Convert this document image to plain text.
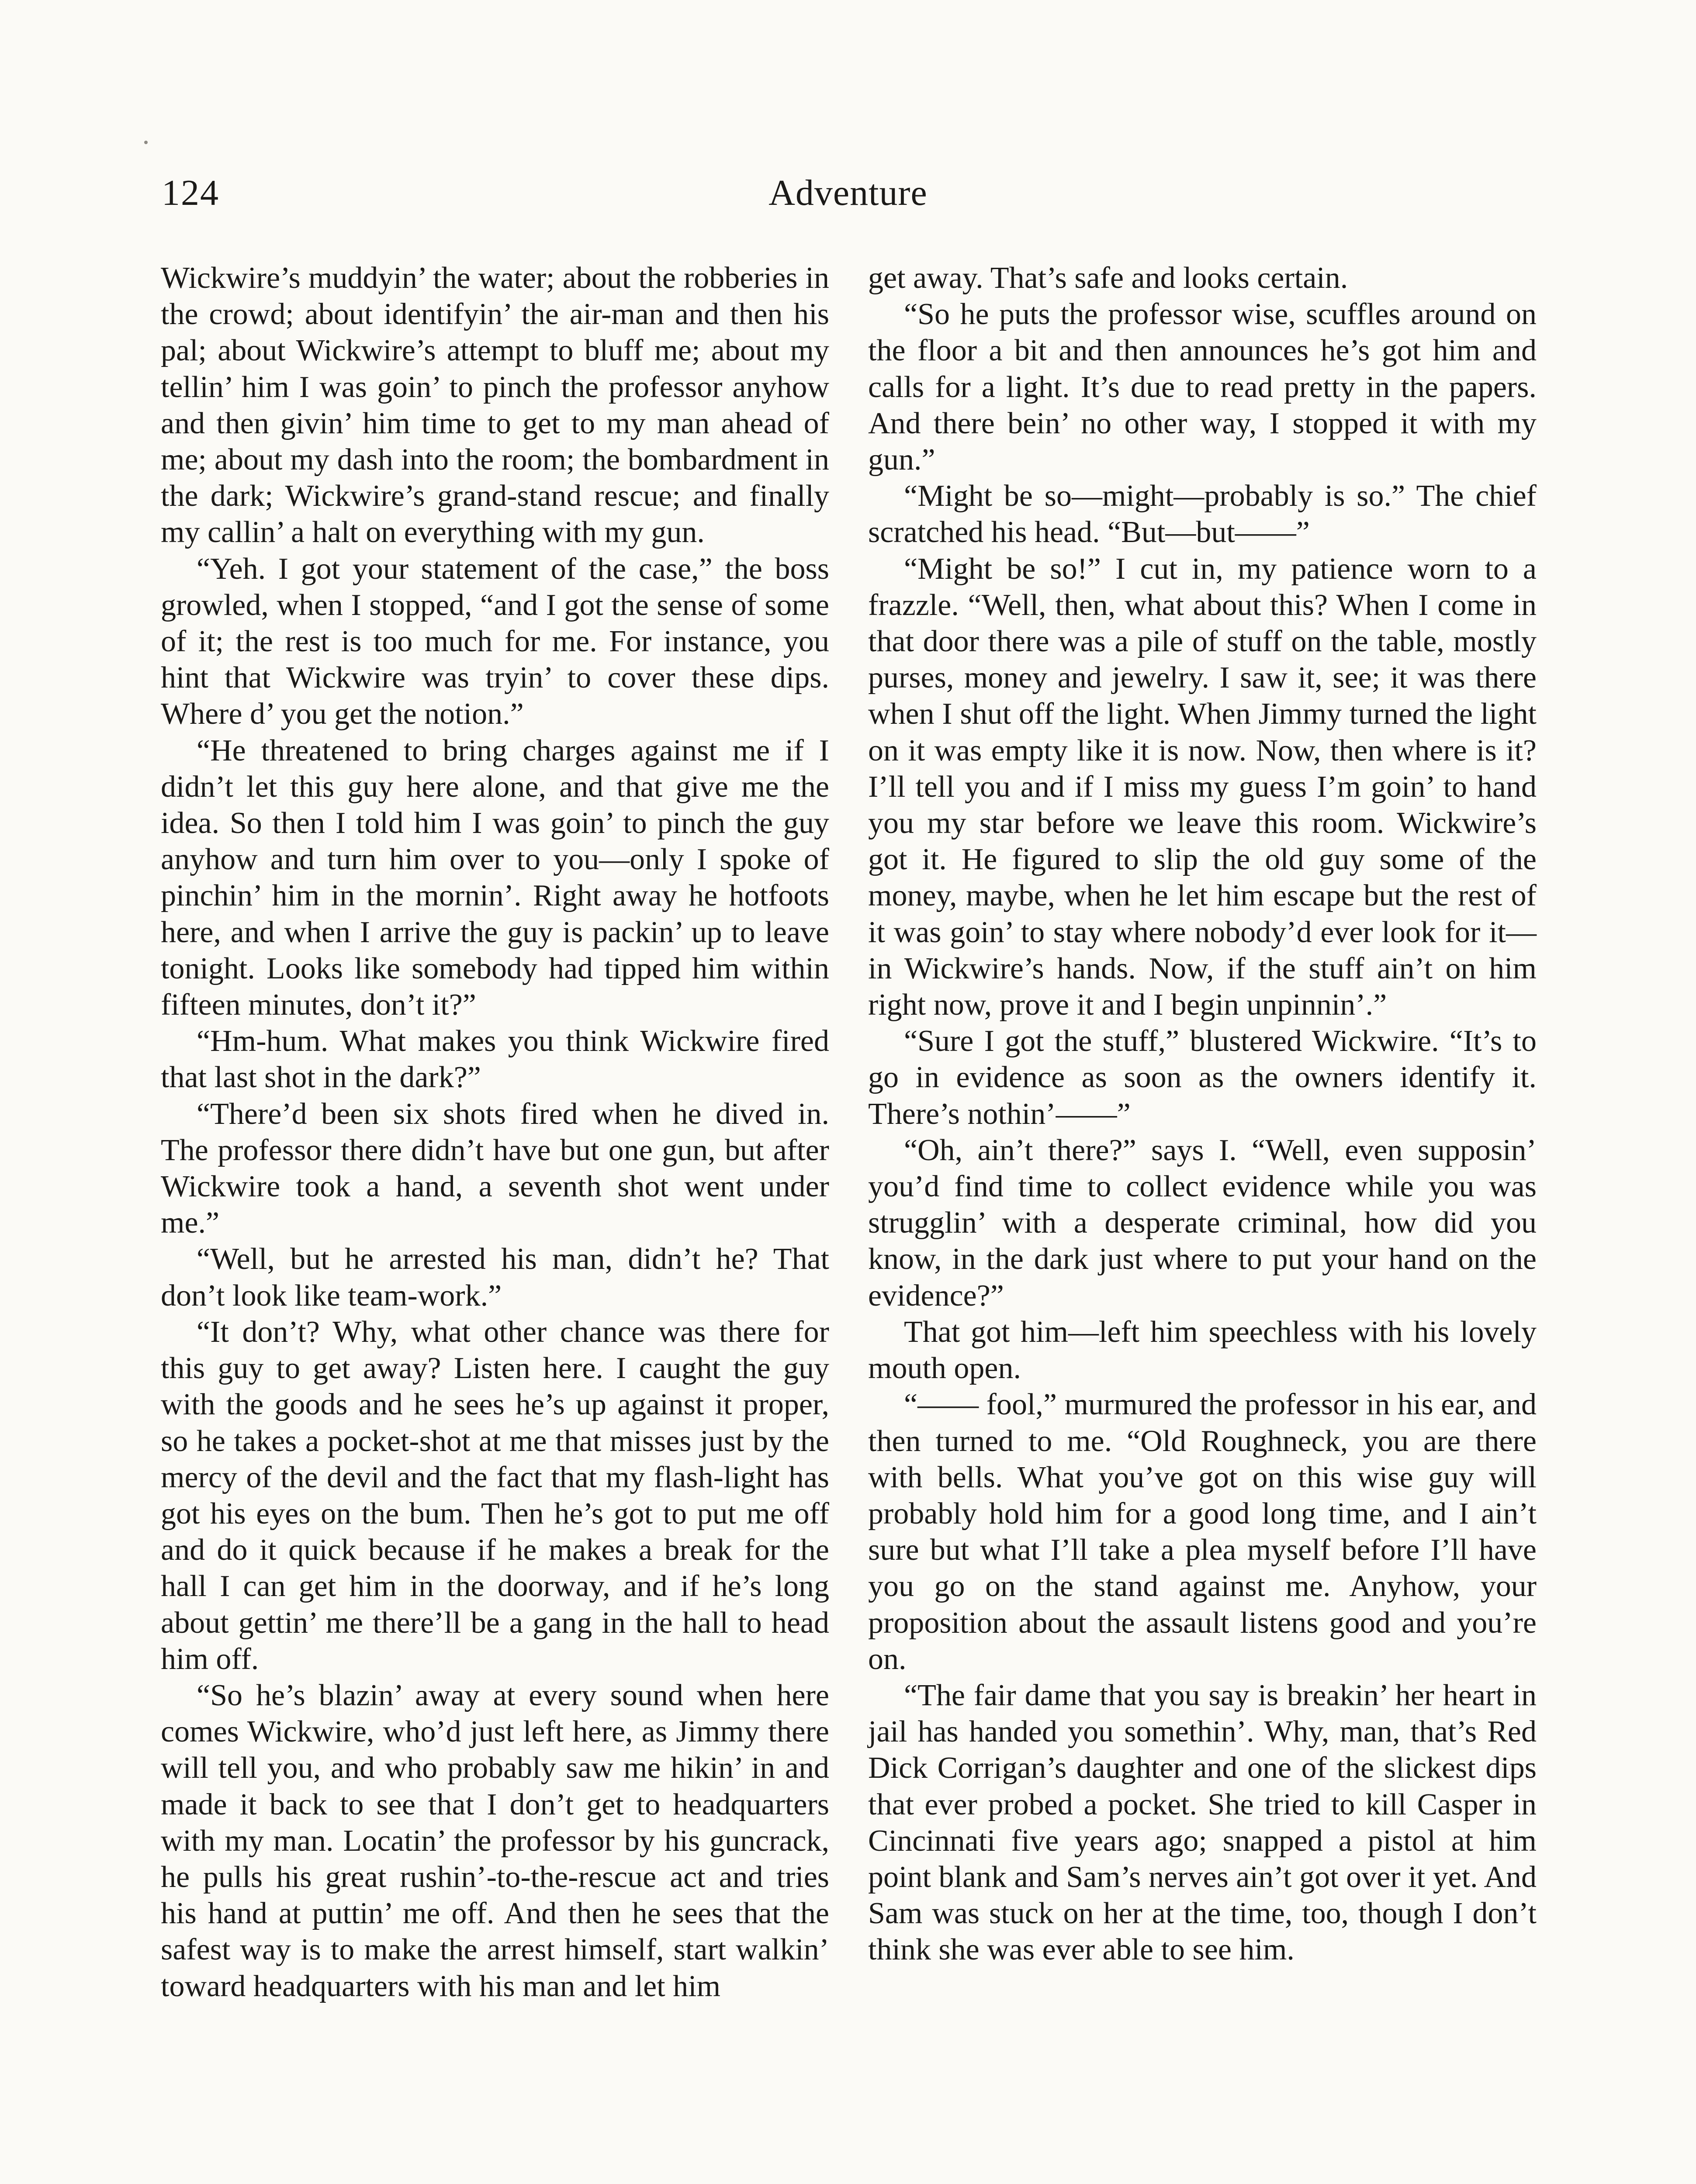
124	Adventure

Wickwire’s muddyin’ the water; about the robberies in the crowd; about identifyin’ the air-man and then his pal; about Wickwire’s attempt to bluff me; about my tellin’ him I was goin’ to pinch the professor anyhow and then givin’ him time to get to my man ahead of me; about my dash into the room; the bombardment in the dark; Wickwire’s grand-stand rescue; and finally my callin’ a halt on everything with my gun.

“Yeh. I got your statement of the case,” the boss growled, when I stopped, “and I got the sense of some of it; the rest is too much for me. For instance, you hint that Wickwire was tryin’ to cover these dips. Where d’ you get the notion.”

“He threatened to bring charges against me if I didn’t let this guy here alone, and that give me the idea. So then I told him I was goin’ to pinch the guy anyhow and turn him over to you—only I spoke of pinchin’ him in the mornin’. Right away he hotfoots here, and when I arrive the guy is packin’ up to leave tonight. Looks like somebody had tipped him within fifteen minutes, don’t it?”

“Hm-hum. What makes you think Wickwire fired that last shot in the dark?”

“There’d been six shots fired when he dived in. The professor there didn’t have but one gun, but after Wickwire took a hand, a seventh shot went under me.”

“Well, but he arrested his man, didn’t he? That don’t look like team-work.”

“It don’t? Why, what other chance was there for this guy to get away? Listen here. I caught the guy with the goods and he sees he’s up against it proper, so he takes a pocket-shot at me that misses just by the mercy of the devil and the fact that my flash-light has got his eyes on the bum. Then he’s got to put me off and do it quick because if he makes a break for the hall I can get him in the doorway, and if he’s long about gettin’ me there’ll be a gang in the hall to head him off.

“So he’s blazin’ away at every sound when here comes Wickwire, who’d just left here, as Jimmy there will tell you, and who probably saw me hikin’ in and made it back to see that I don’t get to headquarters with my man. Locatin’ the professor by his guncrack, he pulls his great rushin’-to-the-rescue act and tries his hand at puttin’ me off. And then he sees that the safest way is to make the arrest himself, start walkin’ toward headquarters with his man and let him

get away. That’s safe and looks certain.

“So he puts the professor wise, scuffles around on the floor a bit and then announces he’s got him and calls for a light. It’s due to read pretty in the papers. And there bein’ no other way, I stopped it with my gun.”

“Might be so—might—probably is so.” The chief scratched his head. “But—but——”

“Might be so!” I cut in, my patience worn to a frazzle. “Well, then, what about this? When I come in that door there was a pile of stuff on the table, mostly purses, money and jewelry. I saw it, see; it was there when I shut off the light. When Jimmy turned the light on it was empty like it is now. Now, then where is it? I’ll tell you and if I miss my guess I’m goin’ to hand you my star before we leave this room. Wickwire’s got it. He figured to slip the old guy some of the money, maybe, when he let him escape but the rest of it was goin’ to stay where nobody’d ever look for it—in Wickwire’s hands. Now, if the stuff ain’t on him right now, prove it and I begin unpinnin’.”

“Sure I got the stuff,” blustered Wickwire. “It’s to go in evidence as soon as the owners identify it. There’s nothin’——”

“Oh, ain’t there?” says I. “Well, even supposin’ you’d find time to collect evidence while you was strugglin’ with a desperate criminal, how did you know, in the dark just where to put your hand on the evidence?”

That got him—left him speechless with his lovely mouth open.

“—— fool,” murmured the professor in his ear, and then turned to me. “Old Roughneck, you are there with bells. What you’ve got on this wise guy will probably hold him for a good long time, and I ain’t sure but what I’ll take a plea myself before I’ll have you go on the stand against me. Anyhow, your proposition about the assault listens good and you’re on.

“The fair dame that you say is breakin’ her heart in jail has handed you somethin’. Why, man, that’s Red Dick Corrigan’s daughter and one of the slickest dips that ever probed a pocket. She tried to kill Casper in Cincinnati five years ago; snapped a pistol at him point blank and Sam’s nerves ain’t got over it yet. And Sam was stuck on her at the time, too, though I don’t think she was ever able to see him.
